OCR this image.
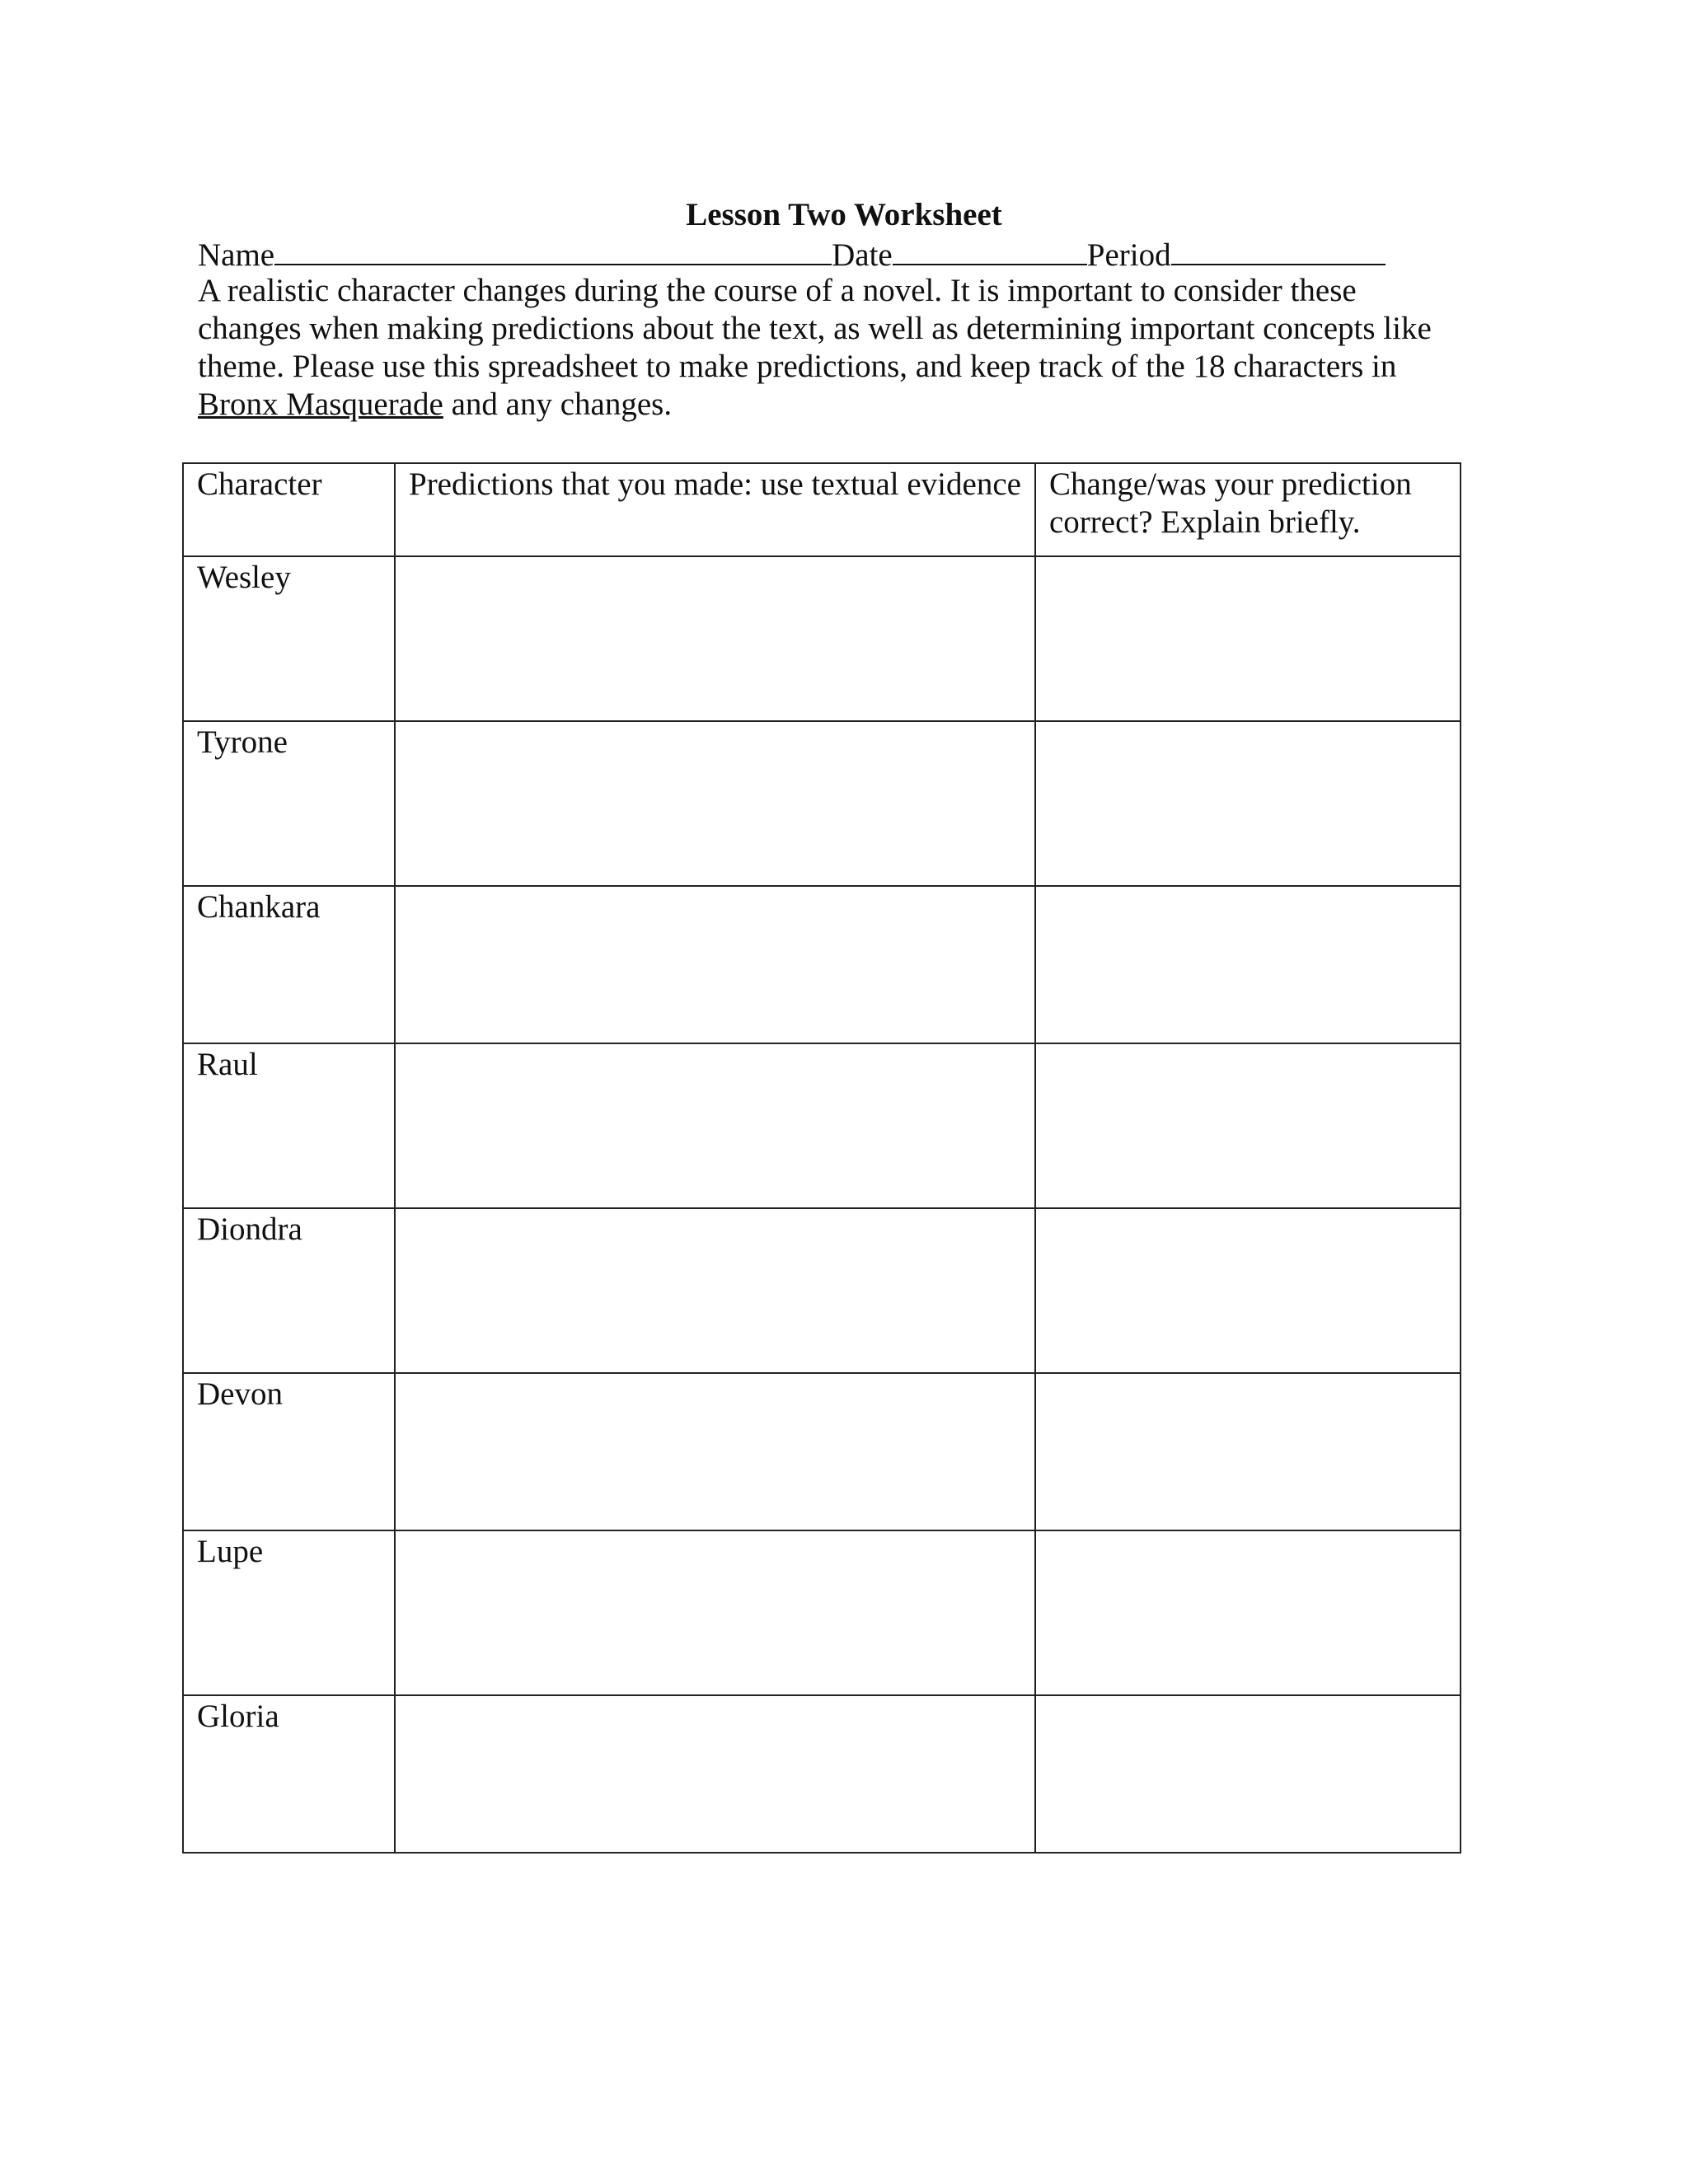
Lesson Two Worksheet
Name	Date	Period
A realistic character changes during the course of a novel. It is important to consider these
changes when making predictions about the text, as well as determining important concepts like
theme. Please use this spreadsheet to make predictions, and keep track of the 18 characters in
Bronx Masquerade and any changes.
Character	Predictions that you made: use textual evidence	Change/was your prediction correct? Explain briefly.
Wesley		
Tyrone		
Chankara		
Raul		
Diondra		
Devon		
Lupe		
Gloria		
